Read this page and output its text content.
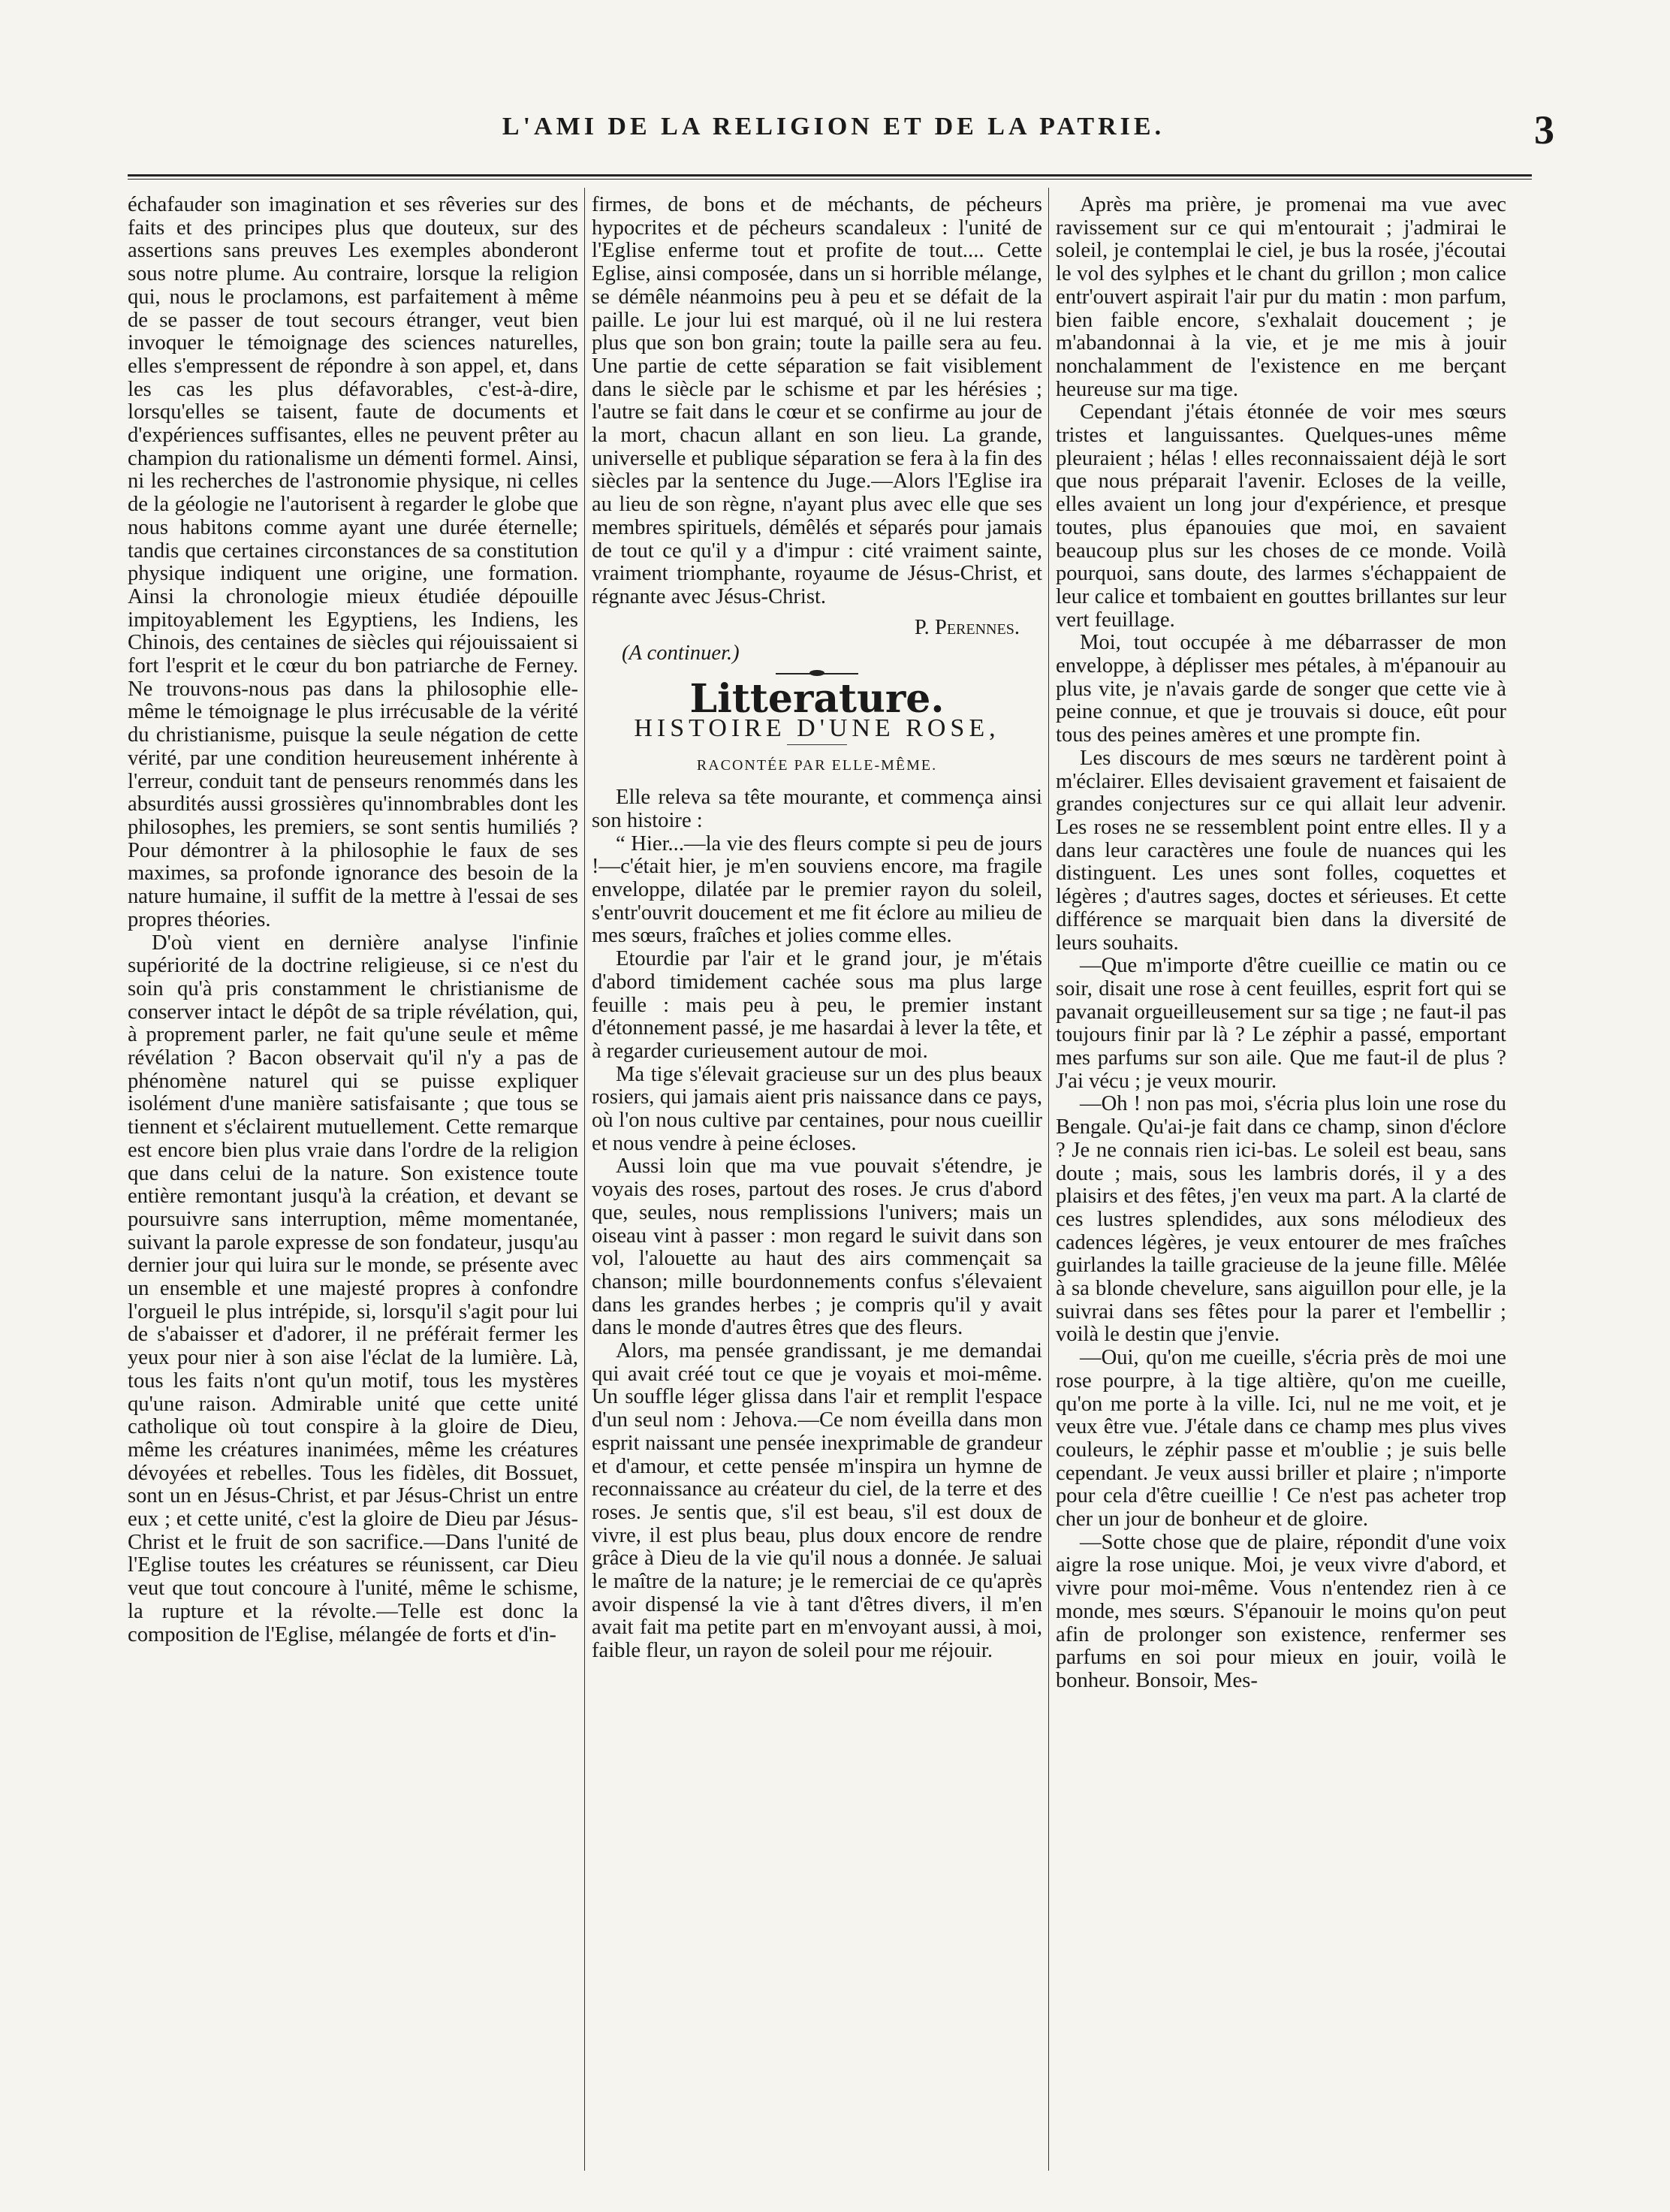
L'AMI DE LA RELIGION ET DE LA PATRIE.	3

échafauder son imagination et ses rêveries sur des faits et des principes plus que douteux, sur des assertions sans preuves Les exemples abonderont sous notre plume. Au contraire, lorsque la religion qui, nous le proclamons, est parfaitement à même de se passer de tout secours étranger, veut bien invoquer le témoignage des sciences naturelles, elles s'empressent de répondre à son appel, et, dans les cas les plus défavorables, c'est-à-dire, lorsqu'elles se taisent, faute de documents et d'expériences suffisantes, elles ne peuvent prêter au champion du rationalisme un démenti formel. Ainsi, ni les recherches de l'astronomie physique, ni celles de la géologie ne l'autorisent à regarder le globe que nous habitons comme ayant une durée éternelle; tandis que certaines circonstances de sa constitution physique indiquent une origine, une formation. Ainsi la chronologie mieux étudiée dépouille impitoyablement les Egyptiens, les Indiens, les Chinois, des centaines de siècles qui réjouissaient si fort l'esprit et le cœur du bon patriarche de Ferney. Ne trouvons-nous pas dans la philosophie elle-même le témoignage le plus irrécusable de la vérité du christianisme, puisque la seule négation de cette vérité, par une condition heureusement inhérente à l'erreur, conduit tant de penseurs renommés dans les absurdités aussi grossières qu'innombrables dont les philosophes, les premiers, se sont sentis humiliés ? Pour démontrer à la philosophie le faux de ses maximes, sa profonde ignorance des besoin de la nature humaine, il suffit de la mettre à l'essai de ses propres théories.

D'où vient en dernière analyse l'infinie supériorité de la doctrine religieuse, si ce n'est du soin qu'à pris constamment le christianisme de conserver intact le dépôt de sa triple révélation, qui, à proprement parler, ne fait qu'une seule et même révélation ? Bacon observait qu'il n'y a pas de phénomène naturel qui se puisse expliquer isolément d'une manière satisfaisante ; que tous se tiennent et s'éclairent mutuellement. Cette remarque est encore bien plus vraie dans l'ordre de la religion que dans celui de la nature. Son existence toute entière remontant jusqu'à la création, et devant se poursuivre sans interruption, même momentanée, suivant la parole expresse de son fondateur, jusqu'au dernier jour qui luira sur le monde, se présente avec un ensemble et une majesté propres à confondre l'orgueil le plus intrépide, si, lorsqu'il s'agit pour lui de s'abaisser et d'adorer, il ne préférait fermer les yeux pour nier à son aise l'éclat de la lumière. Là, tous les faits n'ont qu'un motif, tous les mystères qu'une raison. Admirable unité que cette unité catholique où tout conspire à la gloire de Dieu, même les créatures inanimées, même les créatures dévoyées et rebelles. Tous les fidèles, dit Bossuet, sont un en Jésus-Christ, et par Jésus-Christ un entre eux ; et cette unité, c'est la gloire de Dieu par Jésus-Christ et le fruit de son sacrifice.—Dans l'unité de l'Eglise toutes les créatures se réunissent, car Dieu veut que tout concoure à l'unité, même le schisme, la rupture et la révolte.—Telle est donc la composition de l'Eglise, mélangée de forts et d'in-

firmes, de bons et de méchants, de pécheurs hypocrites et de pécheurs scandaleux : l'unité de l'Eglise enferme tout et profite de tout.... Cette Eglise, ainsi composée, dans un si horrible mélange, se démêle néanmoins peu à peu et se défait de la paille. Le jour lui est marqué, où il ne lui restera plus que son bon grain; toute la paille sera au feu. Une partie de cette séparation se fait visiblement dans le siècle par le schisme et par les hérésies ; l'autre se fait dans le cœur et se confirme au jour de la mort, chacun allant en son lieu. La grande, universelle et publique séparation se fera à la fin des siècles par la sentence du Juge.—Alors l'Eglise ira au lieu de son règne, n'ayant plus avec elle que ses membres spirituels, démêlés et séparés pour jamais de tout ce qu'il y a d'impur : cité vraiment sainte, vraiment triomphante, royaume de Jésus-Christ, et régnante avec Jésus-Christ.

P. Perennes.
(A continuer.)
Litterature.
HISTOIRE D'UNE ROSE,
RACONTÉE PAR ELLE-MÊME.

Elle releva sa tête mourante, et commença ainsi son histoire :

“ Hier...—la vie des fleurs compte si peu de jours !—c'était hier, je m'en souviens encore, ma fragile enveloppe, dilatée par le premier rayon du soleil, s'entr'ouvrit doucement et me fit éclore au milieu de mes sœurs, fraîches et jolies comme elles.

Etourdie par l'air et le grand jour, je m'étais d'abord timidement cachée sous ma plus large feuille : mais peu à peu, le premier instant d'étonnement passé, je me hasardai à lever la tête, et à regarder curieusement autour de moi.

Ma tige s'élevait gracieuse sur un des plus beaux rosiers, qui jamais aient pris naissance dans ce pays, où l'on nous cultive par centaines, pour nous cueillir et nous vendre à peine écloses.

Aussi loin que ma vue pouvait s'étendre, je voyais des roses, partout des roses. Je crus d'abord que, seules, nous remplissions l'univers; mais un oiseau vint à passer : mon regard le suivit dans son vol, l'alouette au haut des airs commençait sa chanson; mille bourdonnements confus s'élevaient dans les grandes herbes ; je compris qu'il y avait dans le monde d'autres êtres que des fleurs.

Alors, ma pensée grandissant, je me demandai qui avait créé tout ce que je voyais et moi-même. Un souffle léger glissa dans l'air et remplit l'espace d'un seul nom : Jehova.—Ce nom éveilla dans mon esprit naissant une pensée inexprimable de grandeur et d'amour, et cette pensée m'inspira un hymne de reconnaissance au créateur du ciel, de la terre et des roses. Je sentis que, s'il est beau, s'il est doux de vivre, il est plus beau, plus doux encore de rendre grâce à Dieu de la vie qu'il nous a donnée. Je saluai le maître de la nature; je le remerciai de ce qu'après avoir dispensé la vie à tant d'êtres divers, il m'en avait fait ma petite part en m'envoyant aussi, à moi, faible fleur, un rayon de soleil pour me réjouir.

Après ma prière, je promenai ma vue avec ravissement sur ce qui m'entourait ; j'admirai le soleil, je contemplai le ciel, je bus la rosée, j'écoutai le vol des sylphes et le chant du grillon ; mon calice entr'ouvert aspirait l'air pur du matin : mon parfum, bien faible encore, s'exhalait doucement ; je m'abandonnai à la vie, et je me mis à jouir nonchalamment de l'existence en me berçant heureuse sur ma tige.

Cependant j'étais étonnée de voir mes sœurs tristes et languissantes. Quelques-unes même pleuraient ; hélas ! elles reconnaissaient déjà le sort que nous préparait l'avenir. Ecloses de la veille, elles avaient un long jour d'expérience, et presque toutes, plus épanouies que moi, en savaient beaucoup plus sur les choses de ce monde. Voilà pourquoi, sans doute, des larmes s'échappaient de leur calice et tombaient en gouttes brillantes sur leur vert feuillage.

Moi, tout occupée à me débarrasser de mon enveloppe, à déplisser mes pétales, à m'épanouir au plus vite, je n'avais garde de songer que cette vie à peine connue, et que je trouvais si douce, eût pour tous des peines amères et une prompte fin.

Les discours de mes sœurs ne tardèrent point à m'éclairer. Elles devisaient gravement et faisaient de grandes conjectures sur ce qui allait leur advenir. Les roses ne se ressemblent point entre elles. Il y a dans leur caractères une foule de nuances qui les distinguent. Les unes sont folles, coquettes et légères ; d'autres sages, doctes et sérieuses. Et cette différence se marquait bien dans la diversité de leurs souhaits.

—Que m'importe d'être cueillie ce matin ou ce soir, disait une rose à cent feuilles, esprit fort qui se pavanait orgueilleusement sur sa tige ; ne faut-il pas toujours finir par là ? Le zéphir a passé, emportant mes parfums sur son aile. Que me faut-il de plus ? J'ai vécu ; je veux mourir.

—Oh ! non pas moi, s'écria plus loin une rose du Bengale. Qu'ai-je fait dans ce champ, sinon d'éclore ? Je ne connais rien ici-bas. Le soleil est beau, sans doute ; mais, sous les lambris dorés, il y a des plaisirs et des fêtes, j'en veux ma part. A la clarté de ces lustres splendides, aux sons mélodieux des cadences légères, je veux entourer de mes fraîches guirlandes la taille gracieuse de la jeune fille. Mêlée à sa blonde chevelure, sans aiguillon pour elle, je la suivrai dans ses fêtes pour la parer et l'embellir ; voilà le destin que j'envie.

—Oui, qu'on me cueille, s'écria près de moi une rose pourpre, à la tige altière, qu'on me cueille, qu'on me porte à la ville. Ici, nul ne me voit, et je veux être vue. J'étale dans ce champ mes plus vives couleurs, le zéphir passe et m'oublie ; je suis belle cependant. Je veux aussi briller et plaire ; n'importe pour cela d'être cueillie ! Ce n'est pas acheter trop cher un jour de bonheur et de gloire.

—Sotte chose que de plaire, répondit d'une voix aigre la rose unique. Moi, je veux vivre d'abord, et vivre pour moi-même. Vous n'entendez rien à ce monde, mes sœurs. S'épanouir le moins qu'on peut afin de prolonger son existence, renfermer ses parfums en soi pour mieux en jouir, voilà le bonheur. Bonsoir, Mes-
